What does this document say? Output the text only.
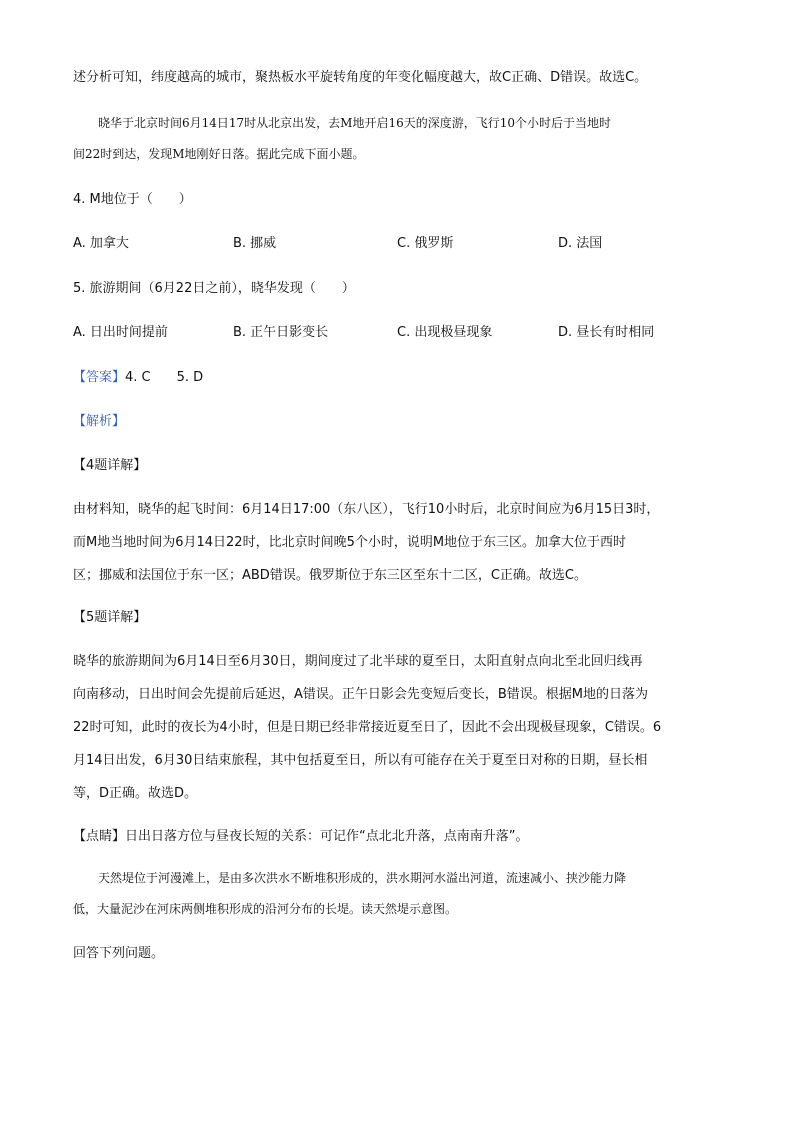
述分析可知，纬度越高的城市，聚热板水平旋转角度的年变化幅度越大，故C正确、D错误。故选C。
晓华于北京时间6月14日17时从北京出发，去M地开启16天的深度游，飞行10个小时后于当地时
间22时到达，发现M地刚好日落。据此完成下面小题。
4. M地位于（　　）
A. 加拿大	B. 挪威	C. 俄罗斯	D. 法国
5. 旅游期间（6月22日之前），晓华发现（　　）
A. 日出时间提前	B. 正午日影变长	C. 出现极昼现象	D. 昼长有时相同
【答案】4. C　　5. D
【解析】
【4题详解】
由材料知，晓华的起飞时间：6月14日17:00（东八区），飞行10小时后，北京时间应为6月15日3时，
而M地当地时间为6月14日22时，比北京时间晚5个小时，说明M地位于东三区。加拿大位于西时
区；挪威和法国位于东一区；ABD错误。俄罗斯位于东三区至东十二区，C正确。故选C。
【5题详解】
晓华的旅游期间为6月14日至6月30日，期间度过了北半球的夏至日，太阳直射点向北至北回归线再
向南移动，日出时间会先提前后延迟，A错误。正午日影会先变短后变长，B错误。根据M地的日落为
22时可知，此时的夜长为4小时，但是日期已经非常接近夏至日了，因此不会出现极昼现象，C错误。6
月14日出发，6月30日结束旅程，其中包括夏至日，所以有可能存在关于夏至日对称的日期，昼长相
等，D正确。故选D。
【点睛】日出日落方位与昼夜长短的关系：可记作“点北北升落，点南南升落”。
天然堤位于河漫滩上，是由多次洪水不断堆积形成的，洪水期河水溢出河道，流速减小、挟沙能力降
低，大量泥沙在河床两侧堆积形成的沿河分布的长堤。读天然堤示意图。
回答下列问题。
